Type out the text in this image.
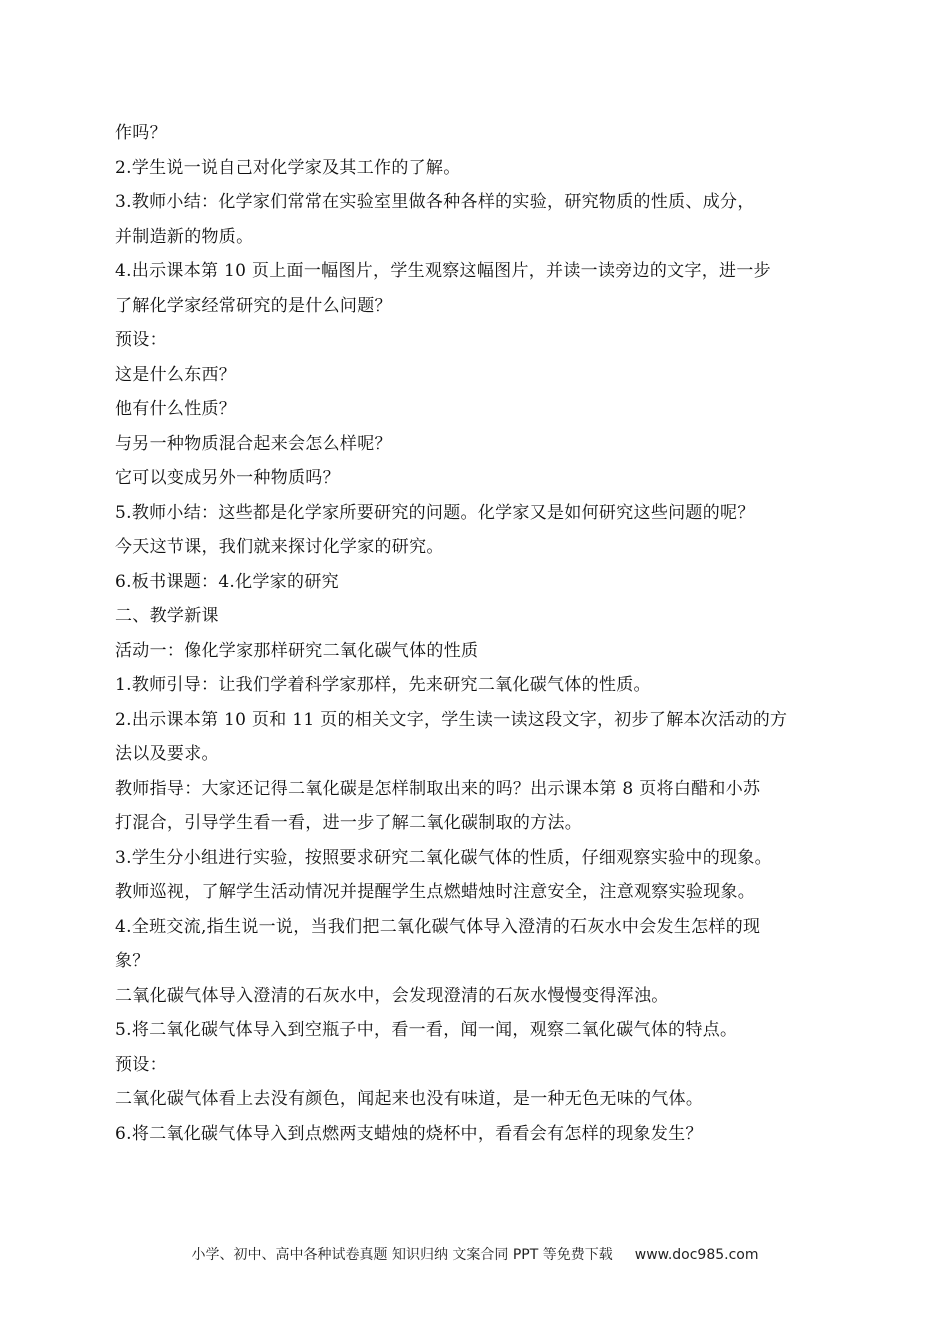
作吗？
2.学生说一说自己对化学家及其工作的了解。
3.教师小结：化学家们常常在实验室里做各种各样的实验，研究物质的性质、成分，
并制造新的物质。
4.出示课本第 10 页上面一幅图片，学生观察这幅图片，并读一读旁边的文字，进一步
了解化学家经常研究的是什么问题？
预设：
这是什么东西？
他有什么性质？
与另一种物质混合起来会怎么样呢？
它可以变成另外一种物质吗？
5.教师小结：这些都是化学家所要研究的问题。化学家又是如何研究这些问题的呢？
今天这节课，我们就来探讨化学家的研究。
6.板书课题：4.化学家的研究
二、教学新课
活动一：像化学家那样研究二氧化碳气体的性质
1.教师引导：让我们学着科学家那样，先来研究二氧化碳气体的性质。
2.出示课本第 10 页和 11 页的相关文字，学生读一读这段文字，初步了解本次活动的方
法以及要求。
教师指导：大家还记得二氧化碳是怎样制取出来的吗？出示课本第 8 页将白醋和小苏
打混合，引导学生看一看，进一步了解二氧化碳制取的方法。
3.学生分小组进行实验，按照要求研究二氧化碳气体的性质，仔细观察实验中的现象。
教师巡视，了解学生活动情况并提醒学生点燃蜡烛时注意安全，注意观察实验现象。
4.全班交流,指生说一说，当我们把二氧化碳气体导入澄清的石灰水中会发生怎样的现
象？
二氧化碳气体导入澄清的石灰水中，会发现澄清的石灰水慢慢变得浑浊。
5.将二氧化碳气体导入到空瓶子中，看一看，闻一闻，观察二氧化碳气体的特点。
预设：
二氧化碳气体看上去没有颜色，闻起来也没有味道，是一种无色无味的气体。
6.将二氧化碳气体导入到点燃两支蜡烛的烧杯中，看看会有怎样的现象发生？
小学、初中、高中各种试卷真题 知识归纳 文案合同 PPT 等免费下载 www.doc985.com
